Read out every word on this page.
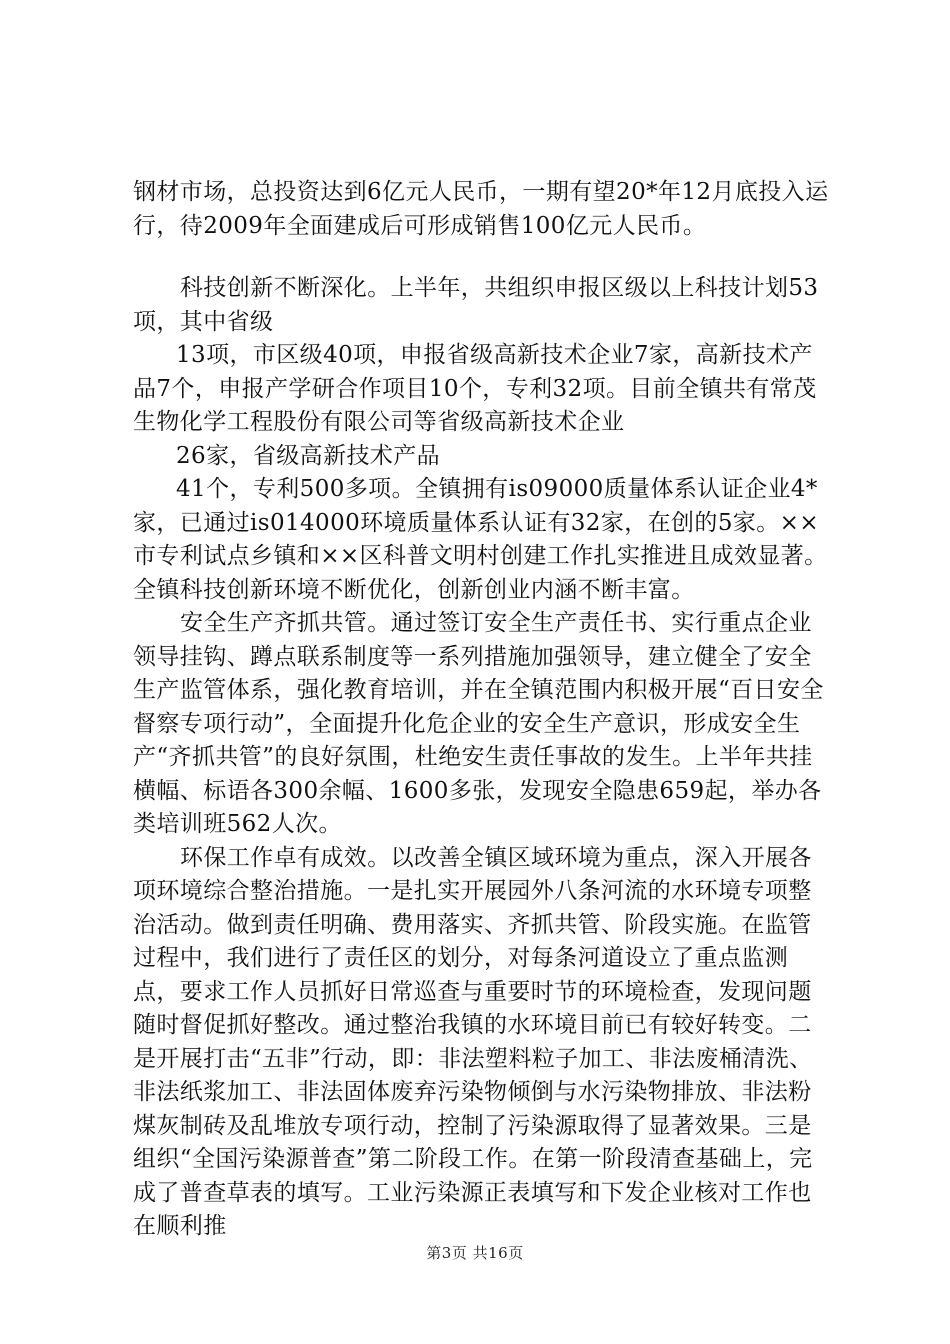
钢材市场，总投资达到6亿元人民币，一期有望20*年12月底投入运行，待2009年全面建成后可形成销售100亿元人民币。

科技创新不断深化。上半年，共组织申报区级以上科技计划53项，其中省级

13项，市区级40项，申报省级高新技术企业7家，高新技术产品7个，申报产学研合作项目10个，专利32项。目前全镇共有常茂生物化学工程股份有限公司等省级高新技术企业

26家，省级高新技术产品

41个，专利500多项。全镇拥有is09000质量体系认证企业4*家，已通过is014000环境质量体系认证有32家，在创的5家。××市专利试点乡镇和××区科普文明村创建工作扎实推进且成效显著。全镇科技创新环境不断优化，创新创业内涵不断丰富。

安全生产齐抓共管。通过签订安全生产责任书、实行重点企业领导挂钩、蹲点联系制度等一系列措施加强领导，建立健全了安全生产监管体系，强化教育培训，并在全镇范围内积极开展“百日安全督察专项行动”，全面提升化危企业的安全生产意识，形成安全生产“齐抓共管”的良好氛围，杜绝安生责任事故的发生。上半年共挂横幅、标语各300余幅、1600多张，发现安全隐患659起，举办各类培训班562人次。

环保工作卓有成效。以改善全镇区域环境为重点，深入开展各项环境综合整治措施。一是扎实开展园外八条河流的水环境专项整治活动。做到责任明确、费用落实、齐抓共管、阶段实施。在监管过程中，我们进行了责任区的划分，对每条河道设立了重点监测点，要求工作人员抓好日常巡查与重要时节的环境检查，发现问题随时督促抓好整改。通过整治我镇的水环境目前已有较好转变。二是开展打击“五非”行动，即：非法塑料粒子加工、非法废桶清洗、非法纸浆加工、非法固体废弃污染物倾倒与水污染物排放、非法粉煤灰制砖及乱堆放专项行动，控制了污染源取得了显著效果。三是组织“全国污染源普查”第二阶段工作。在第一阶段清查基础上，完成了普查草表的填写。工业污染源正表填写和下发企业核对工作也在顺利推

第3页 共16页
